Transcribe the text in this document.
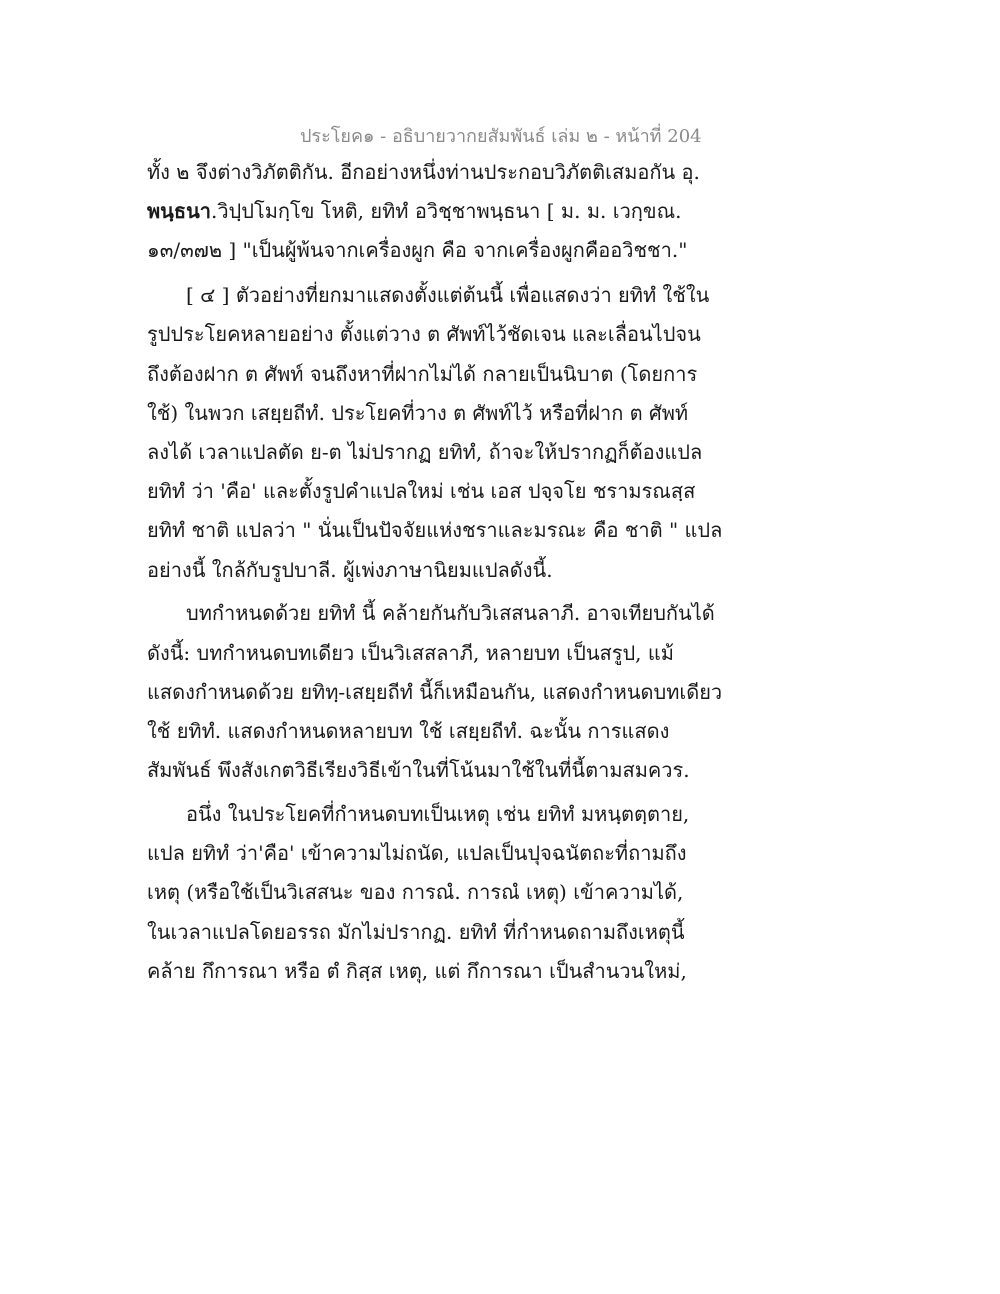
ประโยค๑ - อธิบายวากยสัมพันธ์ เล่ม ๒ - หน้าที่ 204
ทั้ง ๒ จึงต่างวิภัตติกัน. อีกอย่างหนึ่งท่านประกอบวิภัตติเสมอกัน อุ.
พนฺธนา.วิปฺปโมกฺโข โหติ, ยทิทํ อวิชฺชาพนฺธนา [ ม. ม. เวกฺขณ.
๑๓/๓๗๒ ] "เป็นผู้พ้นจากเครื่องผูก คือ จากเครื่องผูกคืออวิชชา."
[ ๔ ] ตัวอย่างที่ยกมาแสดงตั้งแต่ต้นนี้ เพื่อแสดงว่า ยทิทํ ใช้ใน
รูปประโยคหลายอย่าง ตั้งแต่วาง ต ศัพท์ไว้ชัดเจน และเลื่อนไปจน
ถึงต้องฝาก ต ศัพท์ จนถึงหาที่ฝากไม่ได้ กลายเป็นนิบาต (โดยการ
ใช้) ในพวก เสยฺยถีทํ. ประโยคที่วาง ต ศัพท์ไว้ หรือที่ฝาก ต ศัพท์
ลงได้ เวลาแปลตัด ย-ต ไม่ปรากฏ ยทิทํ, ถ้าจะให้ปรากฏก็ต้องแปล
ยทิทํ ว่า 'คือ' และตั้งรูปคำแปลใหม่ เช่น เอส ปจฺจโย ชรามรณสฺส
ยทิทํ ชาติ แปลว่า " นั่นเป็นปัจจัยแห่งชราและมรณะ คือ ชาติ " แปล
อย่างนี้ ใกล้กับรูปบาลี. ผู้เพ่งภาษานิยมแปลดังนี้.
บทกำหนดด้วย ยทิทํ นี้ คล้ายกันกับวิเสสนลาภี. อาจเทียบกันได้
ดังนี้: บทกำหนดบทเดียว เป็นวิเสสลาภี, หลายบท เป็นสรูป, แม้
แสดงกำหนดด้วย ยทิทฺ-เสยฺยถีทํ นี้ก็เหมือนกัน, แสดงกำหนดบทเดียว
ใช้ ยทิทํ. แสดงกำหนดหลายบท ใช้ เสยฺยถีทํ. ฉะนั้น การแสดง
สัมพันธ์ พึงสังเกตวิธีเรียงวิธีเข้าในที่โน้นมาใช้ในที่นี้ตามสมควร.
อนึ่ง ในประโยคที่กำหนดบทเป็นเหตุ เช่น ยทิทํ มหนฺตตฺตาย,
แปล ยทิทํ ว่า'คือ' เข้าความไม่ถนัด, แปลเป็นปุจฉนัตถะที่ถามถึง
เหตุ (หรือใช้เป็นวิเสสนะ ของ การณํ. การณํ เหตุ) เข้าความได้,
ในเวลาแปลโดยอรรถ มักไม่ปรากฏ. ยทิทํ ที่กำหนดถามถึงเหตุนี้
คล้าย กึการณา หรือ ตํ กิสฺส เหตุ, แต่ กึการณา เป็นสำนวนใหม่,
